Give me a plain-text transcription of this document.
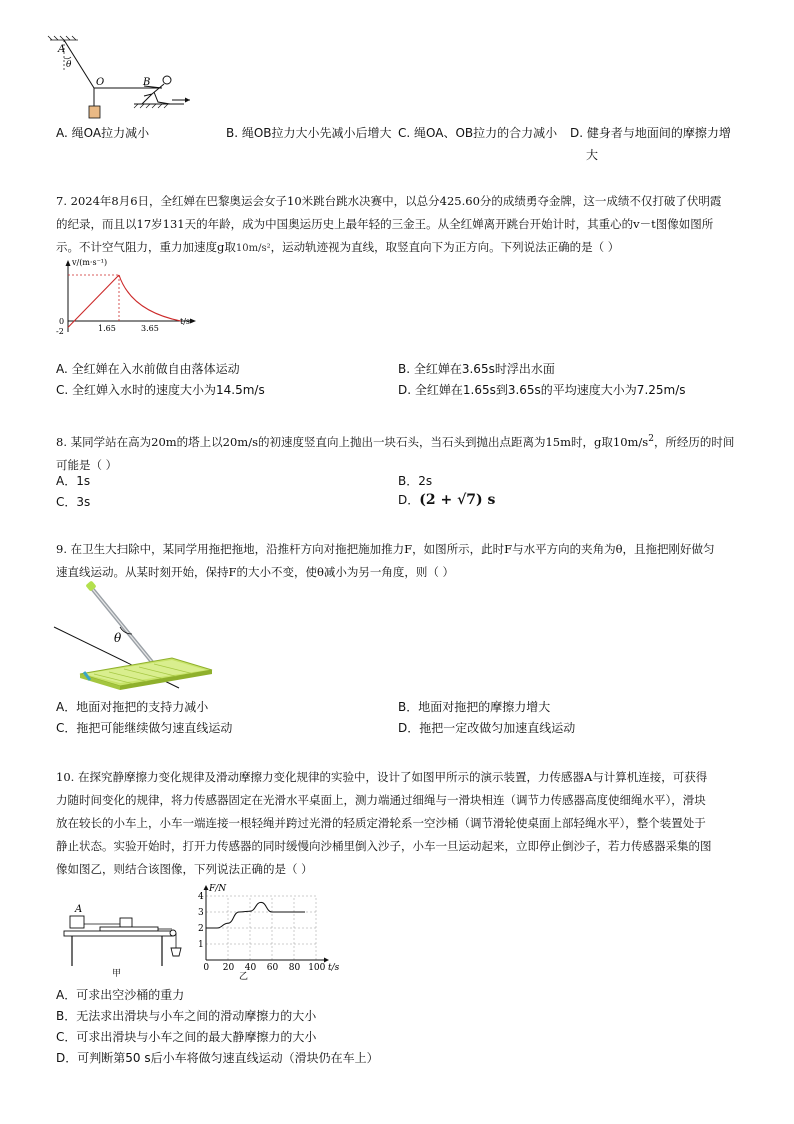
A
θ
O	B
A. 绳OA拉力减小	B. 绳OB拉力大小先减小后增大 C. 绳OA、OB拉力的合力减小 D. 健身者与地面间的摩擦力增
大

7. 2024年8月6日，全红婵在巴黎奥运会女子10米跳台跳水决赛中，以总分425.60分的成绩勇夺金牌，这一成绩不仅打破了伏明霞

的纪录，而且以17岁131天的年龄，成为中国奥运历史上最年轻的三金王。从全红婵离开跳台开始计时，其重心的v－t图像如图所

示。不计空气阻力，重力加速度g取10m/s²，运动轨迹视为直线，取竖直向下为正方向。下列说法正确的是（ ）

v/(m·s⁻¹)
t/s
0
-2	1.65	3.65
A. 全红婵在入水前做自由落体运动	B. 全红婵在3.65s时浮出水面
C. 全红婵入水时的速度大小为14.5m/s	D. 全红婵在1.65s到3.65s的平均速度大小为7.25m/s

8. 某同学站在高为20m的塔上以20m/s的初速度竖直向上抛出一块石头，当石头到抛出点距离为15m时，g取$10m/s^2$，所经历的时间

可能是（ ）

A．1s	B．2s
C．3s	D．(2 + √7) s

9. 在卫生大扫除中，某同学用拖把拖地，沿推杆方向对拖把施加推力F，如图所示，此时F与水平方向的夹角为θ，且拖把刚好做匀

速直线运动。从某时刻开始，保持F的大小不变，使θ减小为另一角度，则（ ）

θ
A．地面对拖把的支持力减小	B．地面对拖把的摩擦力增大
C．拖把可能继续做匀速直线运动	D．拖把一定改做匀加速直线运动

10. 在探究静摩擦力变化规律及滑动摩擦力变化规律的实验中，设计了如图甲所示的演示装置，力传感器A与计算机连接，可获得

力随时间变化的规律，将力传感器固定在光滑水平桌面上，测力端通过细绳与一滑块相连（调节力传感器高度使细绳水平），滑块

放在较长的小车上，小车一端连接一根轻绳并跨过光滑的轻质定滑轮系一空沙桶（调节滑轮使桌面上部轻绳水平），整个装置处于

静止状态。实验开始时，打开力传感器的同时缓慢向沙桶里倒入沙子，小车一旦运动起来，立即停止倒沙子，若力传感器采集的图

像如图乙，则结合该图像，下列说法正确的是（ ）

A
甲
F/N
t/s
1
2
3
4
0 20 40 60 80 100
乙
A．可求出空沙桶的重力
B．无法求出滑块与小车之间的滑动摩擦力的大小
C．可求出滑块与小车之间的最大静摩擦力的大小
D．可判断第50 s后小车将做匀速直线运动（滑块仍在车上）
